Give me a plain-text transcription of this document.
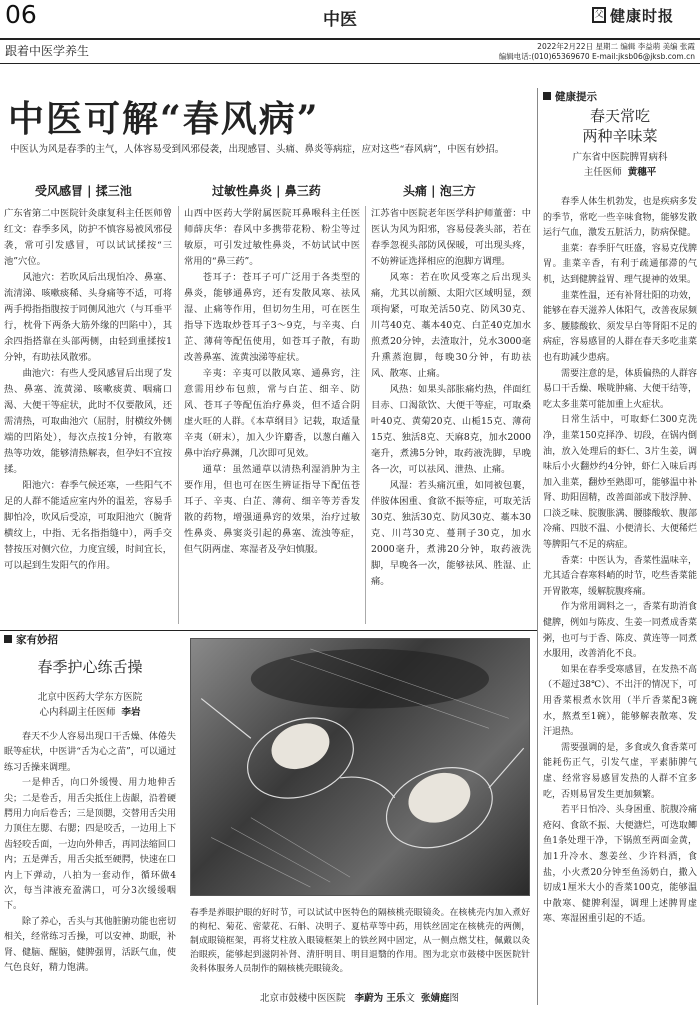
06	中医	父 健康时报
跟着中医学养生	2022年2月22日 星期二 编辑 李益萌 美编 张霞
编辑电话:(010)65369670 E-mail:jksb06@jksb.com.cn
中医可解“春风病”
中医认为风是春季的主气，人体容易受到风邪侵袭，出现感冒、头痛、鼻炎等病症，应对这些“春风病”，中医有妙招。
受风感冒 | 揉三池	过敏性鼻炎 | 鼻三药	头痛 | 泡三方

广东省第二中医院针灸康复科主任医师曾红文：春季多风，防护不慎容易被风邪侵袭，常可引发感冒，可以试试揉按“三池”穴位。

风池穴：若吹风后出现怕冷、鼻塞、流清涕、咳嗽痰稀、头身痛等不适，可将两手拇指指腹按于同侧风池穴（与耳垂平行，枕骨下两条大筋外缘的凹陷中），其余四指搭靠在头部两侧，由轻到重揉按1分钟，有助祛风散邪。

曲池穴：有些人受风感冒后出现了发热、鼻塞、流黄涕、咳嗽痰黄、咽痛口渴、大便干等症状，此时不仅要散风，还需清热，可取曲池穴（屈肘，肘横纹外侧端的凹陷处），每次点按1分钟，有散寒热等功效，能够清热解表，但孕妇不宜按揉。

阳池穴：春季气候还寒，一些阳气不足的人群不能适应室内外的温差，容易手脚怕冷，吹风后受凉，可取阳池穴（腕背横纹上，中指、无名指指缝中），两手交替按压对侧穴位，力度宜缓，时间宜长，可以起到生发阳气的作用。

山西中医药大学附属医院耳鼻喉科主任医师薛庆华：春风中多携带花粉、粉尘等过敏原，可引发过敏性鼻炎，不妨试试中医常用的“鼻三药”。

苍耳子：苍耳子可广泛用于各类型的鼻炎，能够通鼻窍，还有发散风寒、祛风湿、止痛等作用，但切勿生用，可在医生指导下选取炒苍耳子3～9克，与辛夷、白芷、薄荷等配伍使用，如苍耳子散，有助改善鼻塞、流黄浊涕等症状。

辛夷：辛夷可以散风寒、通鼻窍，注意需用纱布包煎，常与白芷、细辛、防风、苍耳子等配伍治疗鼻炎，但不适合阴虚火旺的人群。《本草纲目》记载，取适量辛夷（研末），加入少许麝香，以葱白蘸入鼻中治疗鼻渊，几次即可见效。

通草：虽然通草以清热利湿消肿为主要作用，但也可在医生辨证指导下配伍苍耳子、辛夷、白芷、薄荷、细辛等芳香发散的药物，增强通鼻窍的效果，治疗过敏性鼻炎、鼻窦炎引起的鼻塞、流浊等症，但气阴两虚、寒湿者及孕妇慎服。

江苏省中医院老年医学科护师董蕾：中医认为风为阳邪，容易侵袭头部，若在春季忽视头部防风保暖，可出现头疼，不妨辨证选择相应的泡脚方调理。

风寒：若在吹风受寒之后出现头痛，尤其以前额、太阳穴区域明显，颈项拘紧，可取羌活50克、防风30克、川芎40克、藁本40克、白芷40克加水煎煮20分钟，去渣取汁，兑水3000毫升熏蒸泡脚，每晚30分钟，有助祛风、散寒、止痛。

风热：如果头部胀痛灼热，伴面红目赤、口渴欲饮、大便干等症，可取桑叶40克、黄菊20克、山栀15克、薄荷15克、独活8克、天麻8克，加水2000毫升，煮沸5分钟，取药液洗脚，早晚各一次，可以祛风、泄热、止痛。

风湿：若头痛沉重，如同被包裹，伴胺体困重、食欲不振等症，可取羌活30克、独活30克、防风30克、藁本30克、川芎30克、蔓荆子30克，加水2000毫升，煮沸20分钟，取药液洗脚，早晚各一次，能够祛风、胜湿、止痛。

健康提示
春天常吃
两种辛味菜
广东省中医院脾胃病科
主任医师 黄穗平

春季人体生机勃发，也是疾病多发的季节，常吃一些辛味食物，能够发散运行气血，激发五脏活力，防病保健。

韭菜：春季肝气旺盛，容易克伐脾胃。韭菜辛香，有利于疏通郁滞的气机，达到健脾益胃、理气提神的效果。

韭菜性温，还有补肾壮阳的功效，能够在春天滋养人体阳气，改善夜尿频多、腰膝酸软、须发早白等肾阳不足的病症，容易感冒的人群在春天多吃韭菜也有助减少患病。

需要注意的是，体质偏热的人群容易口干舌燥、喉咙肿痛、大便干结等，吃太多韭菜可能加重上火症状。

日常生活中，可取虾仁300克洗净，韭菜150克择净、切段，在锅内倒油，放入处理后的虾仁、3片生姜，调味后小火翻炒约4分钟，虾仁入味后再加入韭菜，翻炒至熟即可，能够温中补肾、助阳固精，改善面部或下肢浮肿、口淡乏味、脘腹胀满、腰膝酸软、腹部冷痛、四肢不温、小便清长、大便稀烂等脾阳气不足的病症。

香菜：中医认为，香菜性温味辛，尤其适合春寒料峭的时节，吃些香菜能开胃散寒，缓解脘腹疼痛。

作为常用调料之一，香菜有助消食健脾，例如与陈皮、生姜一同煮成香菜粥，也可与于香、陈皮、黄连等一同煮水服用，改善消化不良。

如果在春季受寒感冒，在发热不高（不超过38℃）、不出汗的情况下，可用香菜根煮水饮用（半斤香菜配3碗水，熬煮至1碗），能够解表散寒、发汗退热。

需要强调的是，多食或久食香菜可能耗伤正气，引发气虚，平素肺脾气虚、经常容易感冒发热的人群不宜多吃，否则易冒发生更加频繁。

若平日怕冷、头身困重、脘腹冷痛疮闷、食欲不振、大便溏烂，可选取鲫鱼1条处理干净，下锅煎至两面金黄，加1升冷水、葱姜丝、少许料酒，食盐，小火煮20分钟至鱼汤奶白，撒入切成1厘米大小的香菜100克，能够温中散寒、健脾利湿，调理上述脾胃虚寒、寒湿困重引起的不适。

家有妙招
春季护心练舌操
北京中医药大学东方医院
心内科副主任医师 李岩

春天不少人容易出现口干舌燥、体倦失眠等症状，中医讲“舌为心之苗”，可以通过练习舌操来调理。

一是伸舌，向口外缓慢、用力地伸舌尖；二是卷舌，用舌尖抵住上齿龈，沿着硬腭用力向后卷舌；三是顶腮，交替用舌尖用力顶住左腮、右腮；四是咬舌，一边用上下齿轻咬舌面，一边向外伸舌，再同法缩回口内；五是弹舌，用舌尖抵至硬腭，快速在口内上下弹动，八拍为一套动作，循环做4次，每当津液充盈满口，可分3次缓缓咽下。

除了养心，舌头与其他脏腑功能也密切相关，经常练习舌操，可以安神、助眠，补肾、健脑、醒脑，健脾强胃，活跃气血，使气色良好，精力饱满。

春季是养眼护眼的好时节，可以试试中医特色的隔核桃壳眼镜灸。在核桃壳内加入煮好的枸杞、菊花、密蒙花、石斛、决明子、夏枯草等中药，用铁丝固定在核桃壳的两侧，制成眼镜框架，再将艾柱放入眼镜框架上的铁丝网中固定，从一侧点燃艾柱，佩戴以灸治眼疾，能够起到滋阴补肾、清肝明目、明目退翳的作用。图为北京市鼓楼中医医院针灸科体服务人员制作的隔核桃壳眼镜灸。
北京市鼓楼中医医院 李蔚为 王乐文 张婧庭图
